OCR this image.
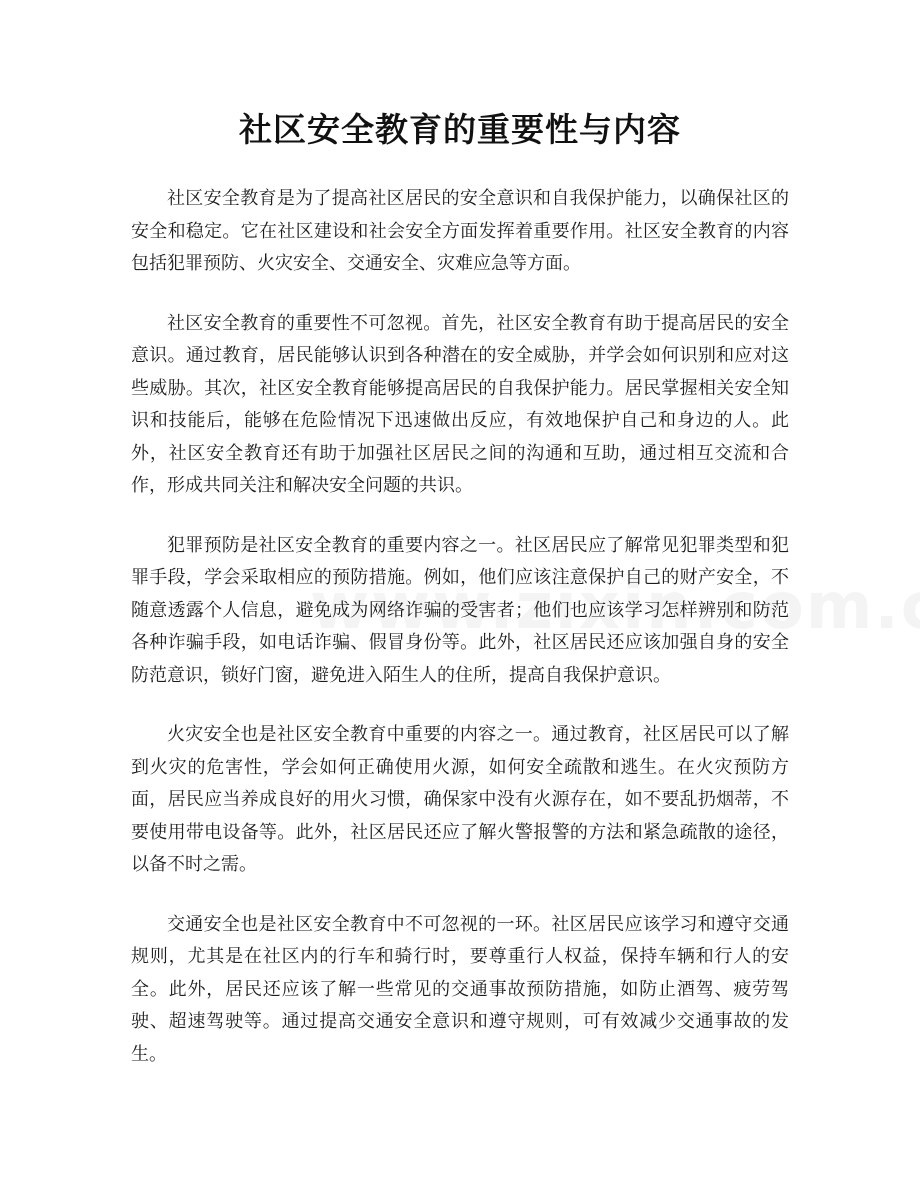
社区安全教育的重要性与内容

社区安全教育是为了提高社区居民的安全意识和自我保护能力，以确保社区的安全和稳定。它在社区建设和社会安全方面发挥着重要作用。社区安全教育的内容包括犯罪预防、火灾安全、交通安全、灾难应急等方面。

社区安全教育的重要性不可忽视。首先，社区安全教育有助于提高居民的安全意识。通过教育，居民能够认识到各种潜在的安全威胁，并学会如何识别和应对这些威胁。其次，社区安全教育能够提高居民的自我保护能力。居民掌握相关安全知识和技能后，能够在危险情况下迅速做出反应，有效地保护自己和身边的人。此外，社区安全教育还有助于加强社区居民之间的沟通和互助，通过相互交流和合作，形成共同关注和解决安全问题的共识。

犯罪预防是社区安全教育的重要内容之一。社区居民应了解常见犯罪类型和犯罪手段，学会采取相应的预防措施。例如，他们应该注意保护自己的财产安全，不随意透露个人信息，避免成为网络诈骗的受害者；他们也应该学习怎样辨别和防范各种诈骗手段，如电话诈骗、假冒身份等。此外，社区居民还应该加强自身的安全防范意识，锁好门窗，避免进入陌生人的住所，提高自我保护意识。

火灾安全也是社区安全教育中重要的内容之一。通过教育，社区居民可以了解到火灾的危害性，学会如何正确使用火源，如何安全疏散和逃生。在火灾预防方面，居民应当养成良好的用火习惯，确保家中没有火源存在，如不要乱扔烟蒂，不要使用带电设备等。此外，社区居民还应了解火警报警的方法和紧急疏散的途径，以备不时之需。

交通安全也是社区安全教育中不可忽视的一环。社区居民应该学习和遵守交通规则，尤其是在社区内的行车和骑行时，要尊重行人权益，保持车辆和行人的安全。此外，居民还应该了解一些常见的交通事故预防措施，如防止酒驾、疲劳驾驶、超速驾驶等。通过提高交通安全意识和遵守规则，可有效减少交通事故的发生。
